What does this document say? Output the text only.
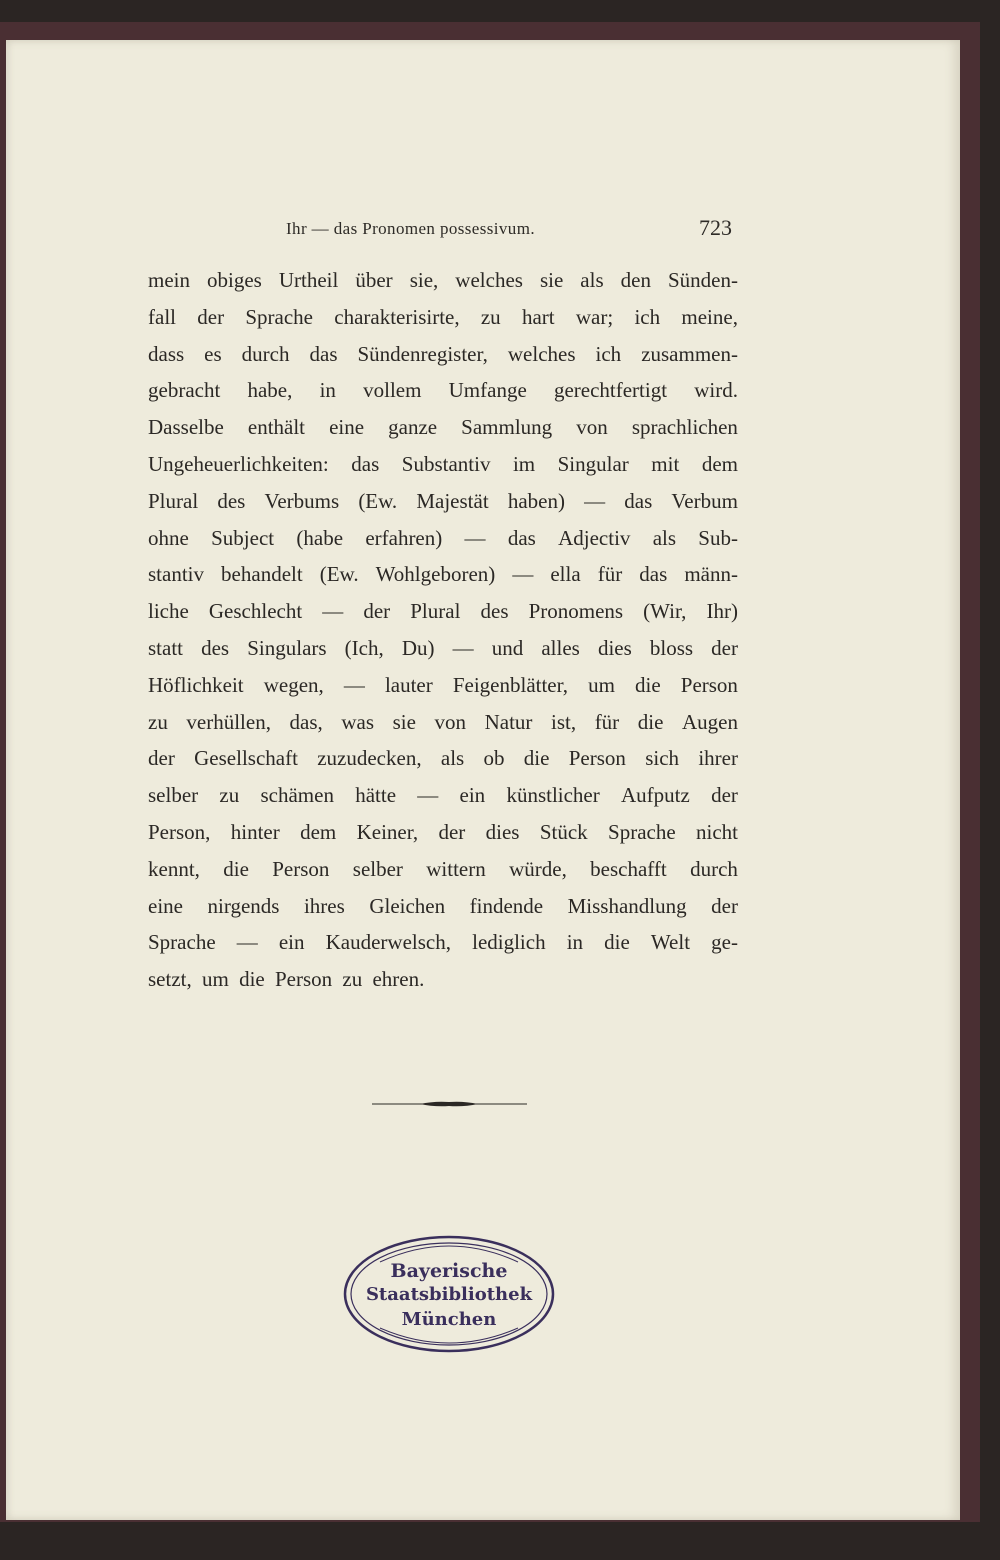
Ihr — das Pronomen possessivum.	723
mein obiges Urtheil über sie, welches sie als den Sünden-
fall der Sprache charakterisirte, zu hart war; ich meine,
dass es durch das Sündenregister, welches ich zusammen-
gebracht habe, in vollem Umfange gerechtfertigt wird.
Dasselbe enthält eine ganze Sammlung von sprachlichen
Ungeheuerlichkeiten: das Substantiv im Singular mit dem
Plural des Verbums (Ew. Majestät haben) — das Verbum
ohne Subject (habe erfahren) — das Adjectiv als Sub-
stantiv behandelt (Ew. Wohlgeboren) — ella für das männ-
liche Geschlecht — der Plural des Pronomens (Wir, Ihr)
statt des Singulars (Ich, Du) — und alles dies bloss der
Höflichkeit wegen, — lauter Feigenblätter, um die Person
zu verhüllen, das, was sie von Natur ist, für die Augen
der Gesellschaft zuzudecken, als ob die Person sich ihrer
selber zu schämen hätte — ein künstlicher Aufputz der
Person, hinter dem Keiner, der dies Stück Sprache nicht
kennt, die Person selber wittern würde, beschafft durch
eine nirgends ihres Gleichen findende Misshandlung der
Sprache — ein Kauderwelsch, lediglich in die Welt ge-
setzt, um die Person zu ehren.
Bayerische
Staatsbibliothek
München
